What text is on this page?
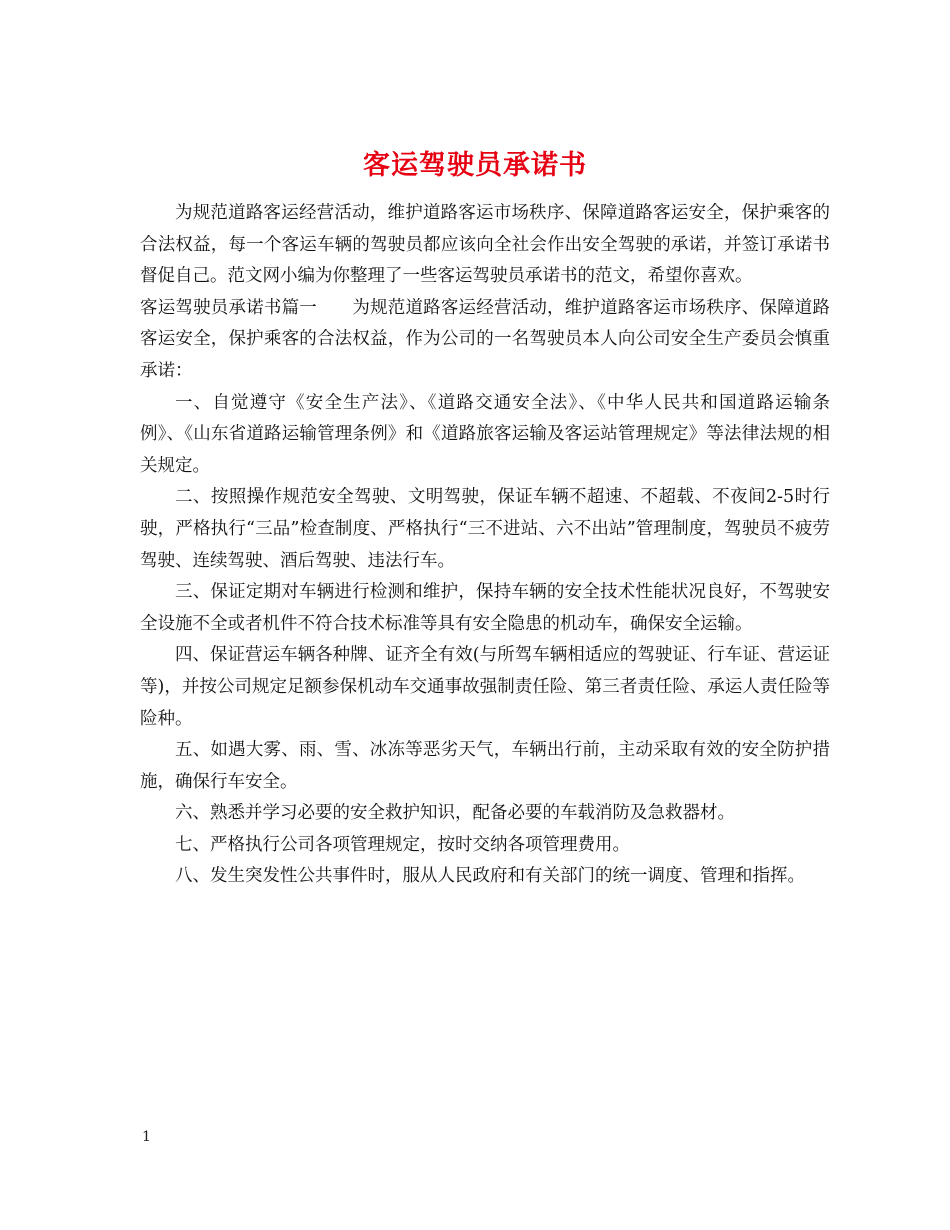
客运驾驶员承诺书

为规范道路客运经营活动，维护道路客运市场秩序、保障道路客运安全，保护乘客的合法权益，每一个客运车辆的驾驶员都应该向全社会作出安全驾驶的承诺，并签订承诺书督促自己。范文网小编为你整理了一些客运驾驶员承诺书的范文，希望你喜欢。

客运驾驶员承诺书篇一　　为规范道路客运经营活动，维护道路客运市场秩序、保障道路客运安全，保护乘客的合法权益，作为公司的一名驾驶员本人向公司安全生产委员会慎重承诺：

一、自觉遵守《安全生产法》、《道路交通安全法》、《中华人民共和国道路运输条例》、《山东省道路运输管理条例》和《道路旅客运输及客运站管理规定》等法律法规的相关规定。

二、按照操作规范安全驾驶、文明驾驶，保证车辆不超速、不超载、不夜间2-5时行驶，严格执行“三品”检查制度、严格执行“三不进站、六不出站”管理制度，驾驶员不疲劳驾驶、连续驾驶、酒后驾驶、违法行车。

三、保证定期对车辆进行检测和维护，保持车辆的安全技术性能状况良好，不驾驶安全设施不全或者机件不符合技术标准等具有安全隐患的机动车，确保安全运输。

四、保证营运车辆各种牌、证齐全有效(与所驾车辆相适应的驾驶证、行车证、营运证等)，并按公司规定足额参保机动车交通事故强制责任险、第三者责任险、承运人责任险等险种。

五、如遇大雾、雨、雪、冰冻等恶劣天气，车辆出行前，主动采取有效的安全防护措施，确保行车安全。

六、熟悉并学习必要的安全救护知识，配备必要的车载消防及急救器材。

七、严格执行公司各项管理规定，按时交纳各项管理费用。

八、发生突发性公共事件时，服从人民政府和有关部门的统一调度、管理和指挥。

1
